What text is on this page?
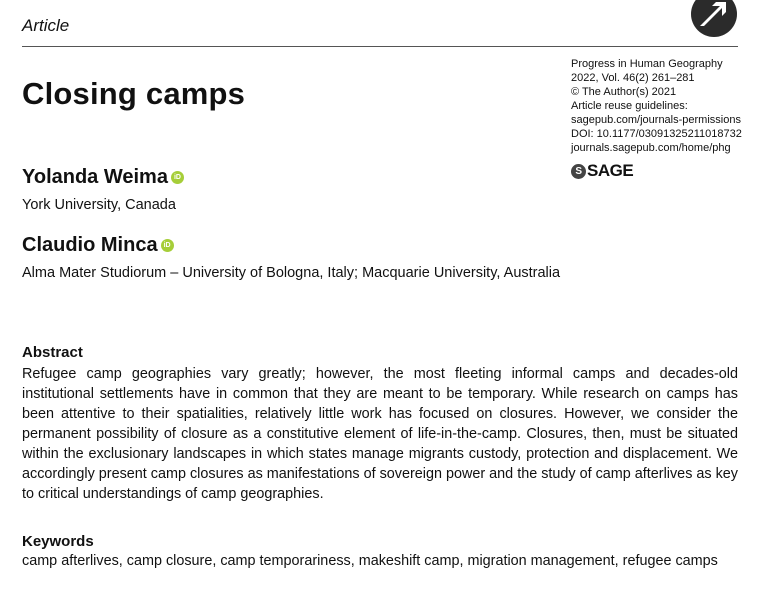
Article
Closing camps
Progress in Human Geography
2022, Vol. 46(2) 261–281
© The Author(s) 2021
Article reuse guidelines:
sagepub.com/journals-permissions
DOI: 10.1177/03091325211018732
journals.sagepub.com/home/phg
S SAGE
Yolanda Weima iD
York University, Canada
Claudio Minca iD
Alma Mater Studiorum – University of Bologna, Italy; Macquarie University, Australia
Abstract
Refugee camp geographies vary greatly; however, the most fleeting informal camps and decades-old institutional settlements have in common that they are meant to be temporary. While research on camps has been attentive to their spatialities, relatively little work has focused on closures. However, we consider the permanent possibility of closure as a constitutive element of life-in-the-camp. Closures, then, must be situated within the exclusionary landscapes in which states manage migrants custody, protection and displacement. We accordingly present camp closures as manifestations of sovereign power and the study of camp afterlives as key to critical understandings of camp geographies.
Keywords
camp afterlives, camp closure, camp temporariness, makeshift camp, migration management, refugee camps
